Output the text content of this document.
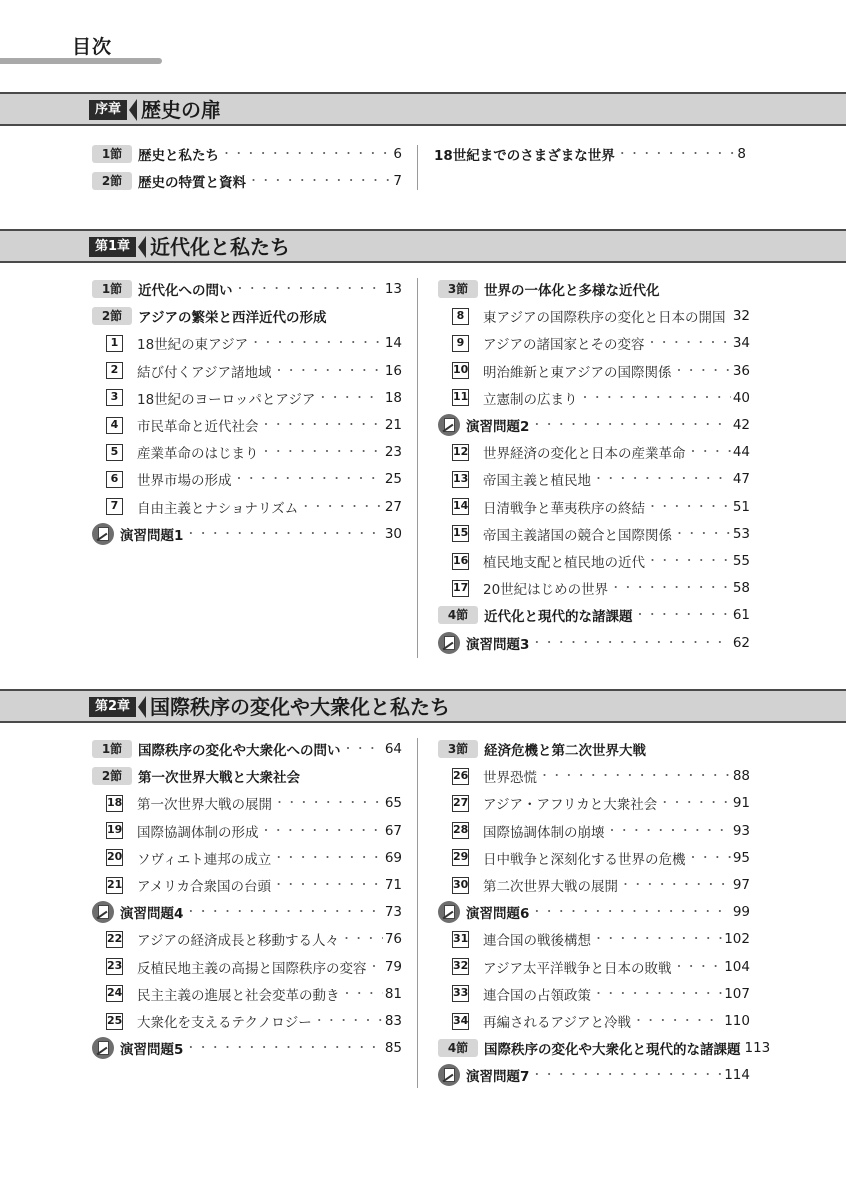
目次
序章 歴史の扉
1節	歴史と私たち ・・・・・・・・・・・・・・・・・・・・・・・・・・・・・・・・・・・・・・・・・・・・・・・・・・・・・・・・・・・・	6
2節	歴史の特質と資料 ・・・・・・・・・・・・・・・・・・・・・・・・・・・・・・・・・・・・・・・・・・・・・・・・・・・・・・・・・・・・	7
18世紀までのさまざまな世界 ・・・・・・・・・・・・・・・・・・・・・・・・・・・・・・・・・・・・・・・・・・・・・・・・・・・・・・・・・・・・	8
第1章 近代化と私たち
1節	近代化への問い ・・・・・・・・・・・・・・・・・・・・・・・・・・・・・・・・・・・・・・・・・・・・・・・・・・・・・・・・・・・・	13
2節	アジアの繁栄と西洋近代の形成
1	18世紀の東アジア ・・・・・・・・・・・・・・・・・・・・・・・・・・・・・・・・・・・・・・・・・・・・・・・・・・・・・・・・・・・・	14
2	結び付くアジア諸地域 ・・・・・・・・・・・・・・・・・・・・・・・・・・・・・・・・・・・・・・・・・・・・・・・・・・・・・・・・・・・・	16
3	18世紀のヨーロッパとアジア ・・・・・・・・・・・・・・・・・・・・・・・・・・・・・・・・・・・・・・・・・・・・・・・・・・・・・・・・・・・・	18
4	市民革命と近代社会 ・・・・・・・・・・・・・・・・・・・・・・・・・・・・・・・・・・・・・・・・・・・・・・・・・・・・・・・・・・・・	21
5	産業革命のはじまり ・・・・・・・・・・・・・・・・・・・・・・・・・・・・・・・・・・・・・・・・・・・・・・・・・・・・・・・・・・・・	23
6	世界市場の形成 ・・・・・・・・・・・・・・・・・・・・・・・・・・・・・・・・・・・・・・・・・・・・・・・・・・・・・・・・・・・・	25
7	自由主義とナショナリズム ・・・・・・・・・・・・・・・・・・・・・・・・・・・・・・・・・・・・・・・・・・・・・・・・・・・・・・・・・・・・	27
演習問題1 ・・・・・・・・・・・・・・・・・・・・・・・・・・・・・・・・・・・・・・・・・・・・・・・・・・・・・・・・・・・・	30
3節	世界の一体化と多様な近代化
8	東アジアの国際秩序の変化と日本の開国 ・・・・・・・・・・・・・・・・・・・・・・・・・・・・・・・・・・・・・・・・・・・・・・・・・・・・・・・・・・・・ 32
9	アジアの諸国家とその変容 ・・・・・・・・・・・・・・・・・・・・・・・・・・・・・・・・・・・・・・・・・・・・・・・・・・・・・・・・・・・・	34
10 明治維新と東アジアの国際関係 ・・・・・・・・・・・・・・・・・・・・・・・・・・・・・・・・・・・・・・・・・・・・・・・・・・・・・・・・・・・・	36
11 立憲制の広まり ・・・・・・・・・・・・・・・・・・・・・・・・・・・・・・・・・・・・・・・・・・・・・・・・・・・・・・・・・・・・	40
演習問題2 ・・・・・・・・・・・・・・・・・・・・・・・・・・・・・・・・・・・・・・・・・・・・・・・・・・・・・・・・・・・・	42
12 世界経済の変化と日本の産業革命 ・・・・・・・・・・・・・・・・・・・・・・・・・・・・・・・・・・・・・・・・・・・・・・・・・・・・・・・・・・・・	44
13 帝国主義と植民地 ・・・・・・・・・・・・・・・・・・・・・・・・・・・・・・・・・・・・・・・・・・・・・・・・・・・・・・・・・・・・	47
14 日清戦争と華夷秩序の終結 ・・・・・・・・・・・・・・・・・・・・・・・・・・・・・・・・・・・・・・・・・・・・・・・・・・・・・・・・・・・・	51
15 帝国主義諸国の競合と国際関係 ・・・・・・・・・・・・・・・・・・・・・・・・・・・・・・・・・・・・・・・・・・・・・・・・・・・・・・・・・・・・	53
16 植民地支配と植民地の近代 ・・・・・・・・・・・・・・・・・・・・・・・・・・・・・・・・・・・・・・・・・・・・・・・・・・・・・・・・・・・・	55
17 20世紀はじめの世界 ・・・・・・・・・・・・・・・・・・・・・・・・・・・・・・・・・・・・・・・・・・・・・・・・・・・・・・・・・・・・	58
4節	近代化と現代的な諸課題 ・・・・・・・・・・・・・・・・・・・・・・・・・・・・・・・・・・・・・・・・・・・・・・・・・・・・・・・・・・・・	61
演習問題3 ・・・・・・・・・・・・・・・・・・・・・・・・・・・・・・・・・・・・・・・・・・・・・・・・・・・・・・・・・・・・	62
第2章 国際秩序の変化や大衆化と私たち
1節	国際秩序の変化や大衆化への問い ・・・・・・・・・・・・・・・・・・・・・・・・・・・・・・・・・・・・・・・・・・・・・・・・・・・・・・・・・・・・	64
2節	第一次世界大戦と大衆社会
18 第一次世界大戦の展開 ・・・・・・・・・・・・・・・・・・・・・・・・・・・・・・・・・・・・・・・・・・・・・・・・・・・・・・・・・・・・	65
19 国際協調体制の形成 ・・・・・・・・・・・・・・・・・・・・・・・・・・・・・・・・・・・・・・・・・・・・・・・・・・・・・・・・・・・・	67
20 ソヴィエト連邦の成立 ・・・・・・・・・・・・・・・・・・・・・・・・・・・・・・・・・・・・・・・・・・・・・・・・・・・・・・・・・・・・	69
21 アメリカ合衆国の台頭 ・・・・・・・・・・・・・・・・・・・・・・・・・・・・・・・・・・・・・・・・・・・・・・・・・・・・・・・・・・・・	71
演習問題4 ・・・・・・・・・・・・・・・・・・・・・・・・・・・・・・・・・・・・・・・・・・・・・・・・・・・・・・・・・・・・	73
22 アジアの経済成長と移動する人々 ・・・・・・・・・・・・・・・・・・・・・・・・・・・・・・・・・・・・・・・・・・・・・・・・・・・・・・・・・・・・	76
23 反植民地主義の高揚と国際秩序の変容 ・・・・・・・・・・・・・・・・・・・・・・・・・・・・・・・・・・・・・・・・・・・・・・・・・・・・・・・・・・・・ 79
24 民主主義の進展と社会変革の動き ・・・・・・・・・・・・・・・・・・・・・・・・・・・・・・・・・・・・・・・・・・・・・・・・・・・・・・・・・・・・	81
25 大衆化を支えるテクノロジー ・・・・・・・・・・・・・・・・・・・・・・・・・・・・・・・・・・・・・・・・・・・・・・・・・・・・・・・・・・・・	83
演習問題5 ・・・・・・・・・・・・・・・・・・・・・・・・・・・・・・・・・・・・・・・・・・・・・・・・・・・・・・・・・・・・	85
3節	経済危機と第二次世界大戦
26 世界恐慌 ・・・・・・・・・・・・・・・・・・・・・・・・・・・・・・・・・・・・・・・・・・・・・・・・・・・・・・・・・・・・	88
27 アジア・アフリカと大衆社会 ・・・・・・・・・・・・・・・・・・・・・・・・・・・・・・・・・・・・・・・・・・・・・・・・・・・・・・・・・・・・	91
28 国際協調体制の崩壊 ・・・・・・・・・・・・・・・・・・・・・・・・・・・・・・・・・・・・・・・・・・・・・・・・・・・・・・・・・・・・	93
29 日中戦争と深刻化する世界の危機 ・・・・・・・・・・・・・・・・・・・・・・・・・・・・・・・・・・・・・・・・・・・・・・・・・・・・・・・・・・・・	95
30 第二次世界大戦の展開 ・・・・・・・・・・・・・・・・・・・・・・・・・・・・・・・・・・・・・・・・・・・・・・・・・・・・・・・・・・・・	97
演習問題6 ・・・・・・・・・・・・・・・・・・・・・・・・・・・・・・・・・・・・・・・・・・・・・・・・・・・・・・・・・・・・	99
31 連合国の戦後構想 ・・・・・・・・・・・・・・・・・・・・・・・・・・・・・・・・・・・・・・・・・・・・・・・・・・・・・・・・・・・・	102
32 アジア太平洋戦争と日本の敗戦 ・・・・・・・・・・・・・・・・・・・・・・・・・・・・・・・・・・・・・・・・・・・・・・・・・・・・・・・・・・・・	104
33 連合国の占領政策 ・・・・・・・・・・・・・・・・・・・・・・・・・・・・・・・・・・・・・・・・・・・・・・・・・・・・・・・・・・・・	107
34 再編されるアジアと冷戦 ・・・・・・・・・・・・・・・・・・・・・・・・・・・・・・・・・・・・・・・・・・・・・・・・・・・・・・・・・・・・	110
4節	国際秩序の変化や大衆化と現代的な諸課題 113
演習問題7 ・・・・・・・・・・・・・・・・・・・・・・・・・・・・・・・・・・・・・・・・・・・・・・・・・・・・・・・・・・・・	114
